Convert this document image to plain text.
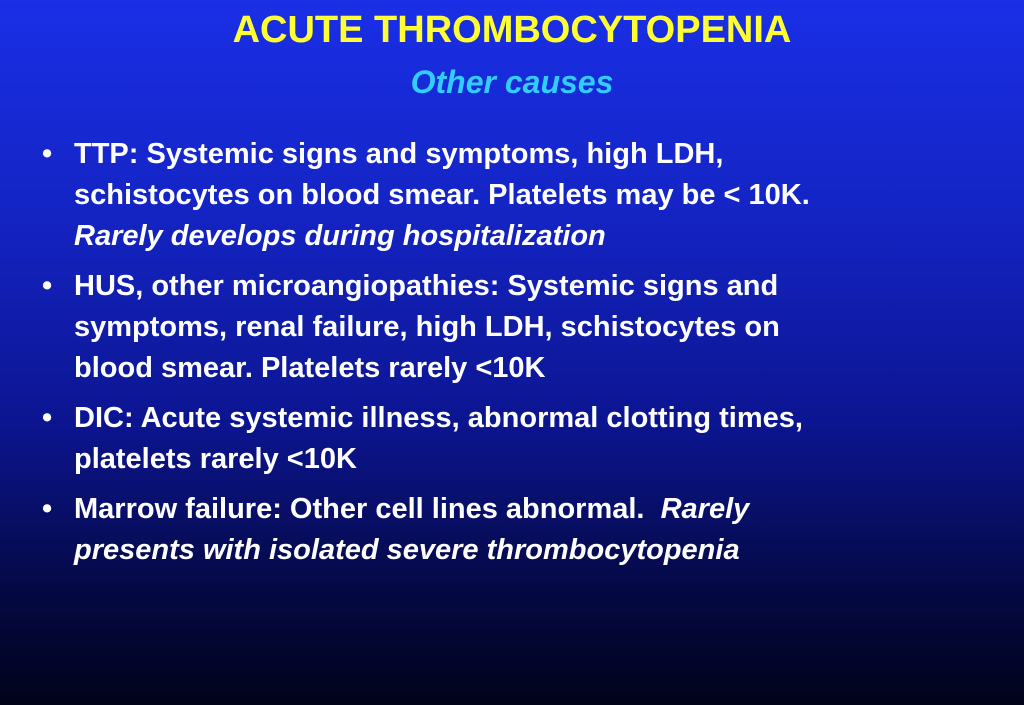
ACUTE THROMBOCYTOPENIA
Other causes
• TTP: Systemic signs and symptoms, high LDH,
schistocytes on blood smear. Platelets may be < 10K.
Rarely develops during hospitalization
• HUS, other microangiopathies: Systemic signs and
symptoms, renal failure, high LDH, schistocytes on
blood smear. Platelets rarely <10K
• DIC: Acute systemic illness, abnormal clotting times,
platelets rarely <10K
• Marrow failure: Other cell lines abnormal.  Rarely
presents with isolated severe thrombocytopenia
